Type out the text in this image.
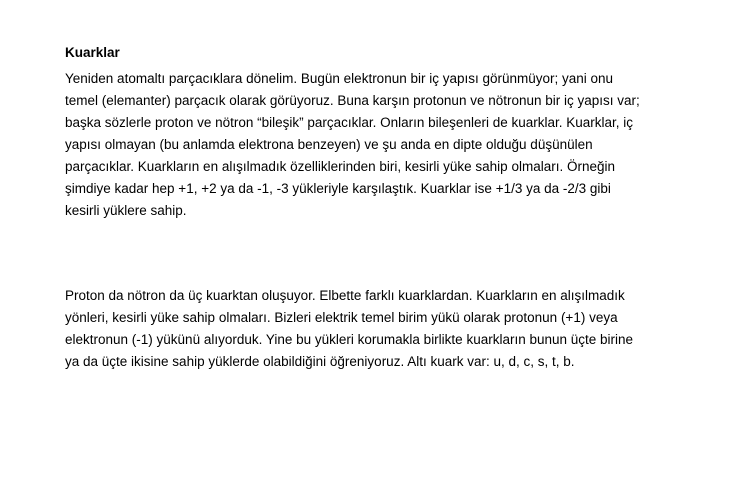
Kuarklar

Yeniden atomaltı parçacıklara dönelim. Bugün elektronun bir iç yapısı görünmüyor; yani onu
temel (elemanter) parçacık olarak görüyoruz. Buna karşın protonun ve nötronun bir iç yapısı var;
başka sözlerle proton ve nötron “bileşik” parçacıklar. Onların bileşenleri de kuarklar. Kuarklar, iç
yapısı olmayan (bu anlamda elektrona benzeyen) ve şu anda en dipte olduğu düşünülen
parçacıklar. Kuarkların en alışılmadık özelliklerinden biri, kesirli yüke sahip olmaları. Örneğin
şimdiye kadar hep +1, +2 ya da -1, -3 yükleriyle karşılaştık. Kuarklar ise +1/3 ya da -2/3 gibi
kesirli yüklere sahip.

Proton da nötron da üç kuarktan oluşuyor. Elbette farklı kuarklardan. Kuarkların en alışılmadık
yönleri, kesirli yüke sahip olmaları. Bizleri elektrik temel birim yükü olarak protonun (+1) veya
elektronun (-1) yükünü alıyorduk. Yine bu yükleri korumakla birlikte kuarkların bunun üçte birine
ya da üçte ikisine sahip yüklerde olabildiğini öğreniyoruz. Altı kuark var: u, d, c, s, t, b.
